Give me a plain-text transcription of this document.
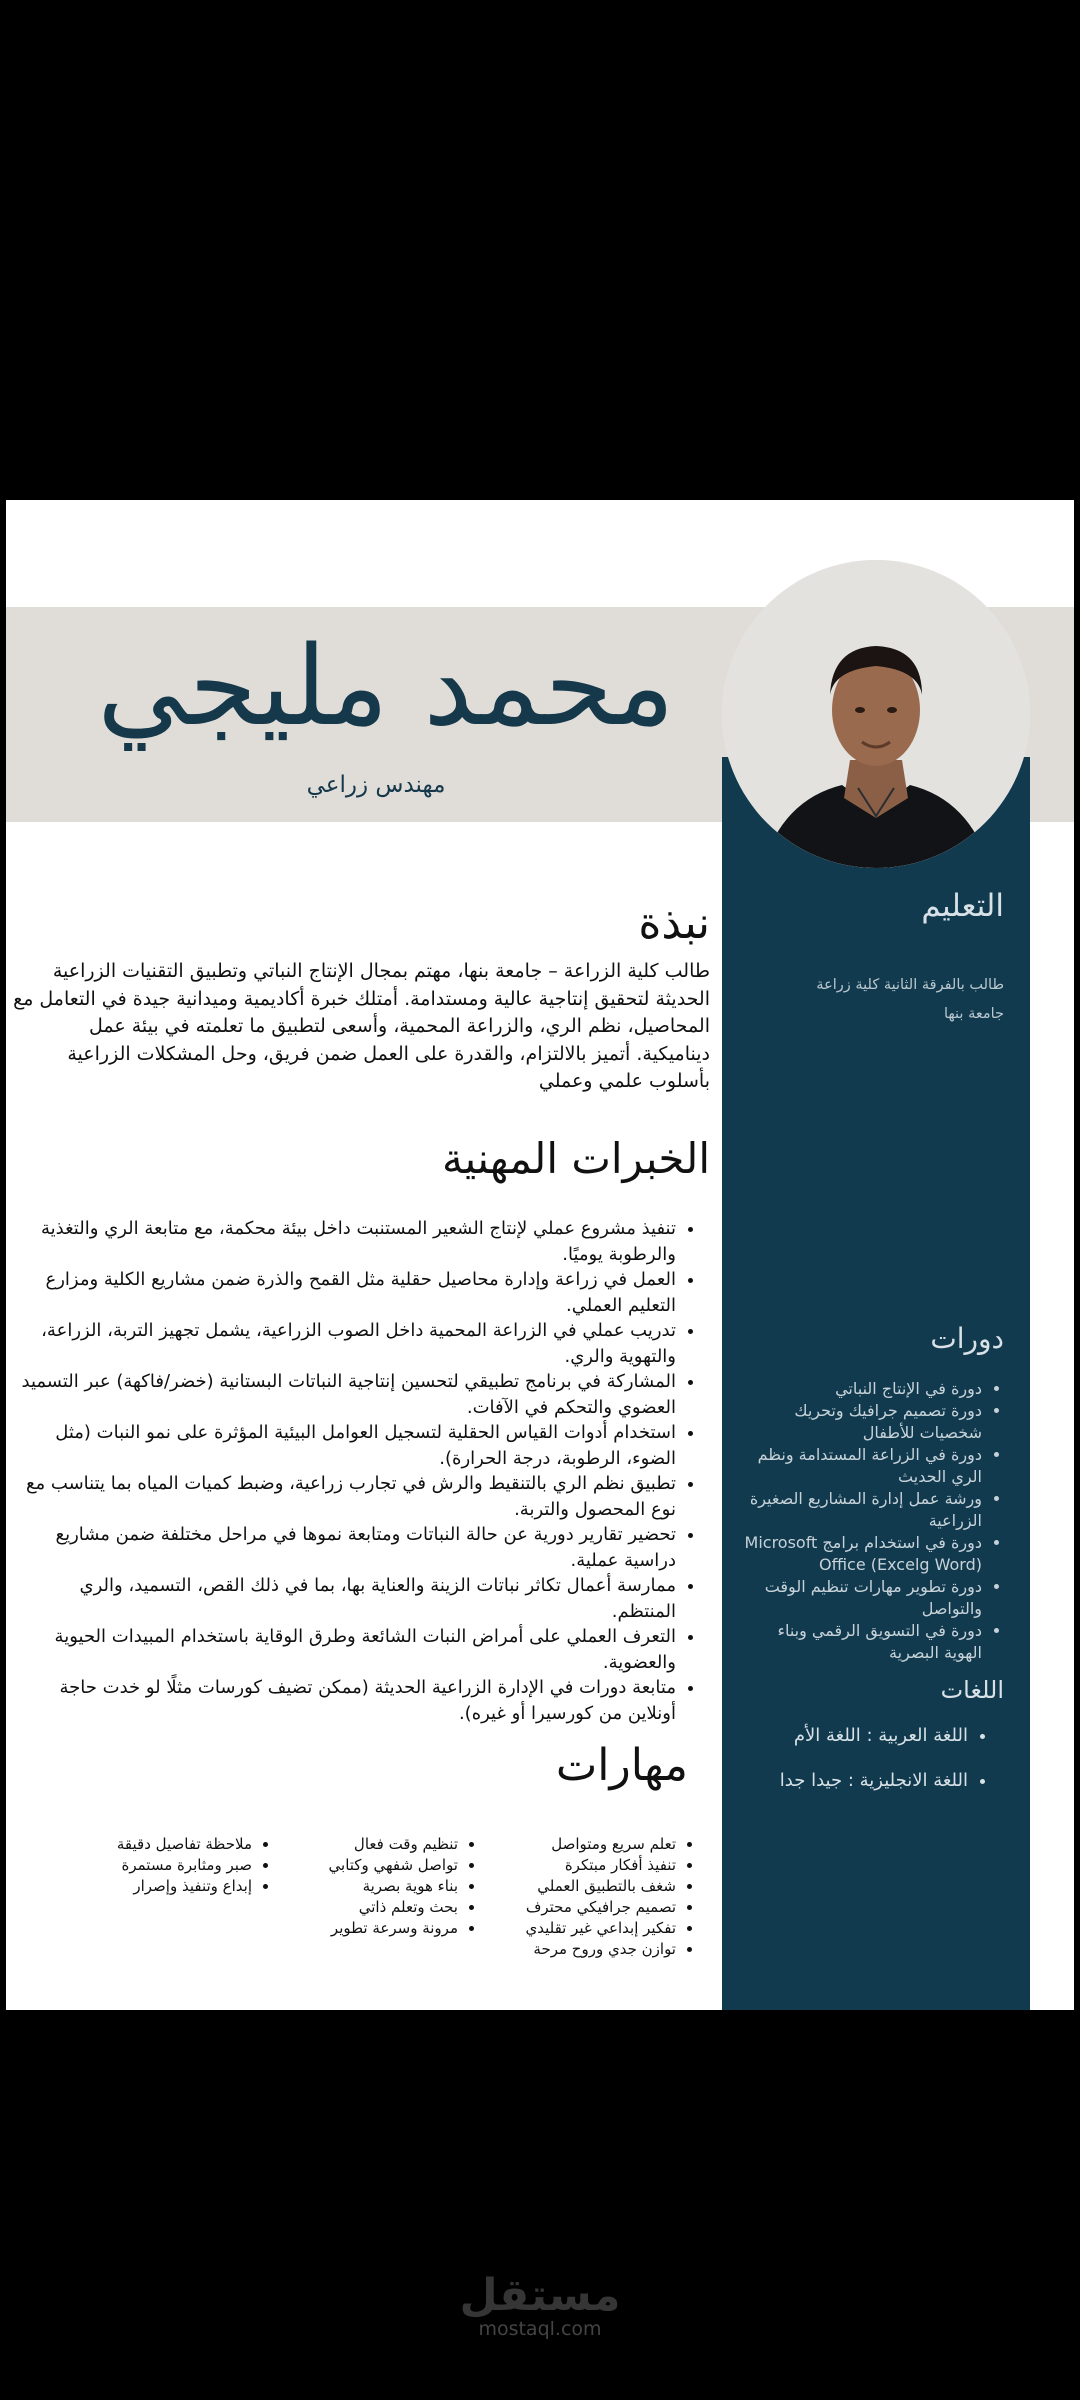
محمد مليجي
مهندس زراعي
التعليم
طالب بالفرقة الثانية كلية زراعة
جامعة بنها
دورات
• دورة في الإنتاج النباتي
• دورة تصميم جرافيك وتحريك شخصيات للأطفال
• دورة في الزراعة المستدامة ونظم الري الحديث
• ورشة عمل إدارة المشاريع الصغيرة الزراعية
• دورة في استخدام برامج Microsoft Office (Excelg Word)
• دورة تطوير مهارات تنظيم الوقت والتواصل
• دورة في التسويق الرقمي وبناء الهوية البصرية
اللغات
• اللغة العربية : اللغة الأم
• اللغة الانجليزية : جيدا جدا
نبذة

طالب كلية الزراعة – جامعة بنها، مهتم بمجال الإنتاج النباتي وتطبيق التقنيات الزراعية الحديثة لتحقيق إنتاجية عالية ومستدامة. أمتلك خبرة أكاديمية وميدانية جيدة في التعامل مع المحاصيل، نظم الري، والزراعة المحمية، وأسعى لتطبيق ما تعلمته في بيئة عمل ديناميكية. أتميز بالالتزام، والقدرة على العمل ضمن فريق، وحل المشكلات الزراعية بأسلوب علمي وعملي

الخبرات المهنية
• تنفيذ مشروع عملي لإنتاج الشعير المستنبت داخل بيئة محكمة، مع متابعة الري والتغذية والرطوبة يوميًا.
• العمل في زراعة وإدارة محاصيل حقلية مثل القمح والذرة ضمن مشاريع الكلية ومزارع التعليم العملي.
• تدريب عملي في الزراعة المحمية داخل الصوب الزراعية، يشمل تجهيز التربة، الزراعة، والتهوية والري.
• المشاركة في برنامج تطبيقي لتحسين إنتاجية النباتات البستانية (خضر/فاكهة) عبر التسميد العضوي والتحكم في الآفات.
• استخدام أدوات القياس الحقلية لتسجيل العوامل البيئية المؤثرة على نمو النبات (مثل الضوء، الرطوبة، درجة الحرارة).
• تطبيق نظم الري بالتنقيط والرش في تجارب زراعية، وضبط كميات المياه بما يتناسب مع نوع المحصول والتربة.
• تحضير تقارير دورية عن حالة النباتات ومتابعة نموها في مراحل مختلفة ضمن مشاريع دراسية عملية.
• ممارسة أعمال تكاثر نباتات الزينة والعناية بها، بما في ذلك القص، التسميد، والري المنتظم.
• التعرف العملي على أمراض النبات الشائعة وطرق الوقاية باستخدام المبيدات الحيوية والعضوية.
• متابعة دورات في الإدارة الزراعية الحديثة (ممكن تضيف كورسات مثلًا لو خدت حاجة أونلاين من كورسيرا أو غيره).
مهارات
• تعلم سريع ومتواصل
• تنفيذ أفكار مبتكرة
• شغف بالتطبيق العملي
• تصميم جرافيكي محترف
• تفكير إبداعي غير تقليدي
• توازن جدي وروح مرحة
• تنظيم وقت فعال
• تواصل شفهي وكتابي
• بناء هوية بصرية
• بحث وتعلم ذاتي
• مرونة وسرعة تطوير
• ملاحظة تفاصيل دقيقة
• صبر ومثابرة مستمرة
• إبداع وتنفيذ وإصرار
مستقل
mostaql.com
